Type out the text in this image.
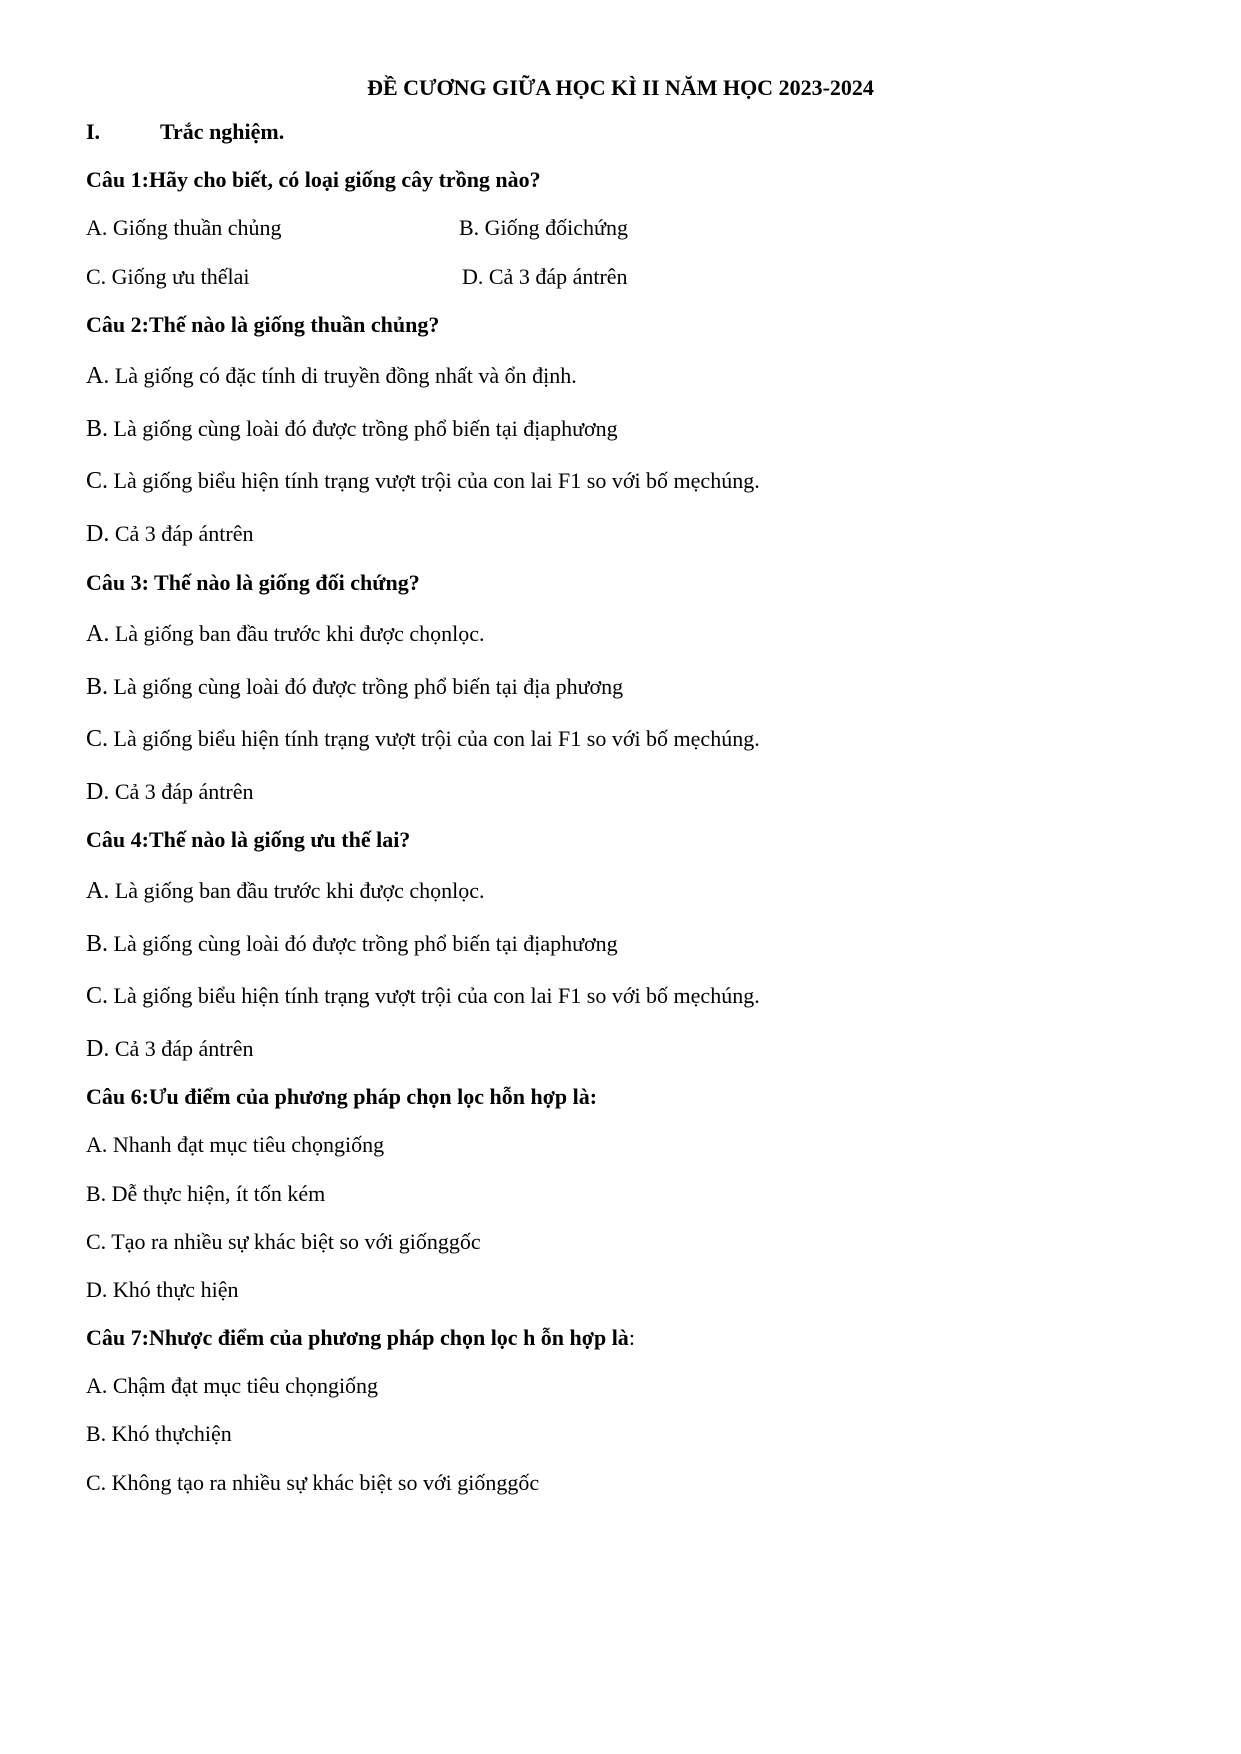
ĐỀ CƯƠNG GIỮA HỌC KÌ II NĂM HỌC 2023-2024
I.	Trắc nghiệm.
Câu 1:Hãy cho biết, có loại giống cây trồng nào?
A. Giống thuần chủng	B. Giống đốichứng
C. Giống ưu thếlai	D. Cả 3 đáp ántrên
Câu 2:Thế nào là giống thuần chủng?
A. Là giống có đặc tính di truyền đồng nhất và ổn định.
B. Là giống cùng loài đó được trồng phổ biến tại địaphương
C. Là giống biểu hiện tính trạng vượt trội của con lai F1 so với bố mẹchúng.
D. Cả 3 đáp ántrên
Câu 3: Thế nào là giống đối chứng?
A. Là giống ban đầu trước khi được chọnlọc.
B. Là giống cùng loài đó được trồng phổ biến tại địa phương
C. Là giống biểu hiện tính trạng vượt trội của con lai F1 so với bố mẹchúng.
D. Cả 3 đáp ántrên
Câu 4:Thế nào là giống ưu thế lai?
A. Là giống ban đầu trước khi được chọnlọc.
B. Là giống cùng loài đó được trồng phổ biến tại địaphương
C. Là giống biểu hiện tính trạng vượt trội của con lai F1 so với bố mẹchúng.
D. Cả 3 đáp ántrên
Câu 6:Ưu điểm của phương pháp chọn lọc hỗn hợp là:
A. Nhanh đạt mục tiêu chọngiống
B. Dễ thực hiện, ít tốn kém
C. Tạo ra nhiều sự khác biệt so với giốnggốc
D. Khó thực hiện
Câu 7:Nhược điểm của phương pháp chọn lọc h ỗn hợp là:
A. Chậm đạt mục tiêu chọngiống
B. Khó thựchiện
C. Không tạo ra nhiều sự khác biệt so với giốnggốc
